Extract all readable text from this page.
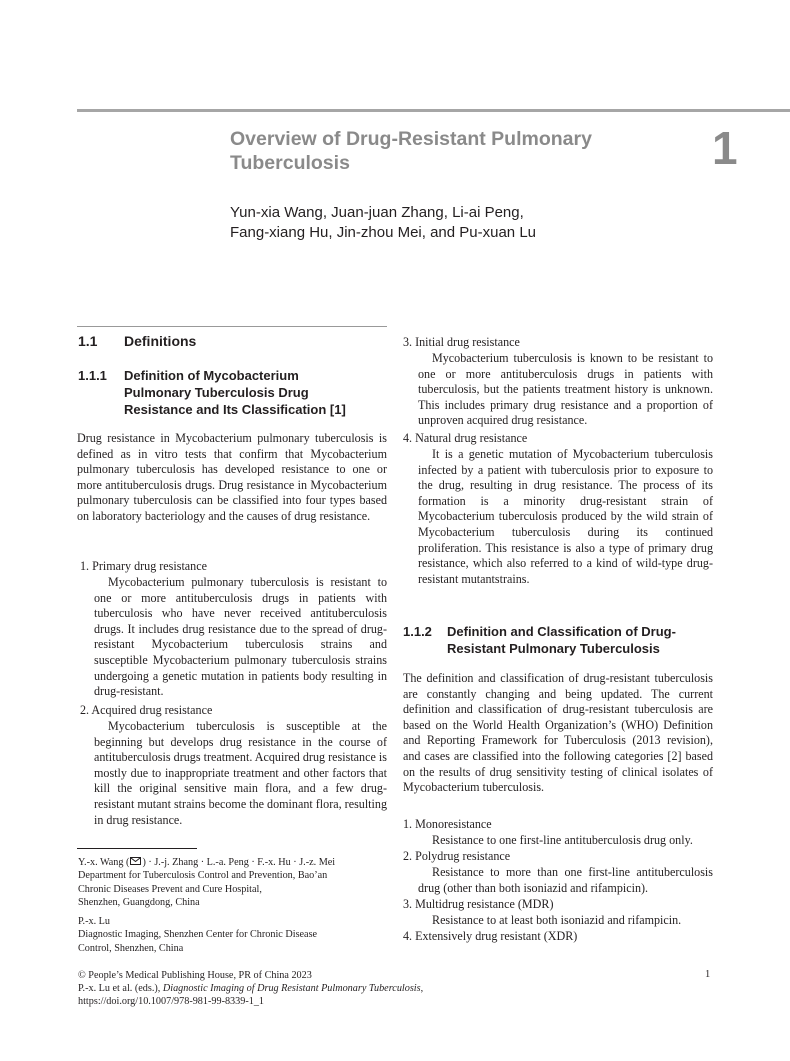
Overview of Drug-Resistant Pulmonary
Tuberculosis	1
Yun-xia Wang, Juan-juan Zhang, Li-ai Peng,
Fang-xiang Hu, Jin-zhou Mei, and Pu-xuan Lu
1.1 Definitions
1.1.1 Definition of Mycobacterium
Pulmonary Tuberculosis Drug
Resistance and Its Classification [1]
Drug resistance in Mycobacterium pulmonary tuberculosis is defined as in vitro tests that confirm that Mycobacterium pulmonary tuberculosis has developed resistance to one or more antituberculosis drugs. Drug resistance in Mycobacterium pulmonary tuberculosis can be classified into four types based on laboratory bacteriology and the causes of drug resistance.
1. Primary drug resistance
Mycobacterium pulmonary tuberculosis is resistant to one or more antituberculosis drugs in patients with tuberculosis who have never received antituberculosis drugs. It includes drug resistance due to the spread of drug-resistant Mycobacterium tuberculosis strains and susceptible Mycobacterium pulmonary tuberculosis strains undergoing a genetic mutation in patients body resulting in drug-resistant.
2. Acquired drug resistance
Mycobacterium tuberculosis is susceptible at the beginning but develops drug resistance in the course of antituberculosis drugs treatment. Acquired drug resistance is mostly due to inappropriate treatment and other factors that kill the original sensitive main flora, and a few drug-resistant mutant strains become the dominant flora, resulting in drug resistance.
Y.-x. Wang ( ) · J.-j. Zhang · L.-a. Peng · F.-x. Hu · J.-z. Mei
Department for Tuberculosis Control and Prevention, Bao’an
Chronic Diseases Prevent and Cure Hospital,
Shenzhen, Guangdong, China
P.-x. Lu
Diagnostic Imaging, Shenzhen Center for Chronic Disease
Control, Shenzhen, China
3. Initial drug resistance
Mycobacterium tuberculosis is known to be resistant to one or more antituberculosis drugs in patients with tuberculosis, but the patients treatment history is unknown. This includes primary drug resistance and a proportion of unproven acquired drug resistance.
4. Natural drug resistance
It is a genetic mutation of Mycobacterium tuberculosis infected by a patient with tuberculosis prior to exposure to the drug, resulting in drug resistance. The process of its formation is a minority drug-resistant strain of Mycobacterium tuberculosis produced by the wild strain of Mycobacterium tuberculosis during its continued proliferation. This resistance is also a type of primary drug resistance, which also referred to a kind of wild-type drug-resistant mutantstrains.
1.1.2 Definition and Classification of Drug-
Resistant Pulmonary Tuberculosis
The definition and classification of drug-resistant tuberculosis are constantly changing and being updated. The current definition and classification of drug-resistant tuberculosis are based on the World Health Organization’s (WHO) Definition and Reporting Framework for Tuberculosis (2013 revision), and cases are classified into the following categories [2] based on the results of drug sensitivity testing of clinical isolates of Mycobacterium tuberculosis.
1. Monoresistance
Resistance to one first-line antituberculosis drug only.
2. Polydrug resistance
Resistance to more than one first-line antituberculosis drug (other than both isoniazid and rifampicin).
3. Multidrug resistance (MDR)
Resistance to at least both isoniazid and rifampicin.
4. Extensively drug resistant (XDR)
© People’s Medical Publishing House, PR of China 2023
P.-x. Lu et al. (eds.), Diagnostic Imaging of Drug Resistant Pulmonary Tuberculosis,
https://doi.org/10.1007/978-981-99-8339-1_1
1
